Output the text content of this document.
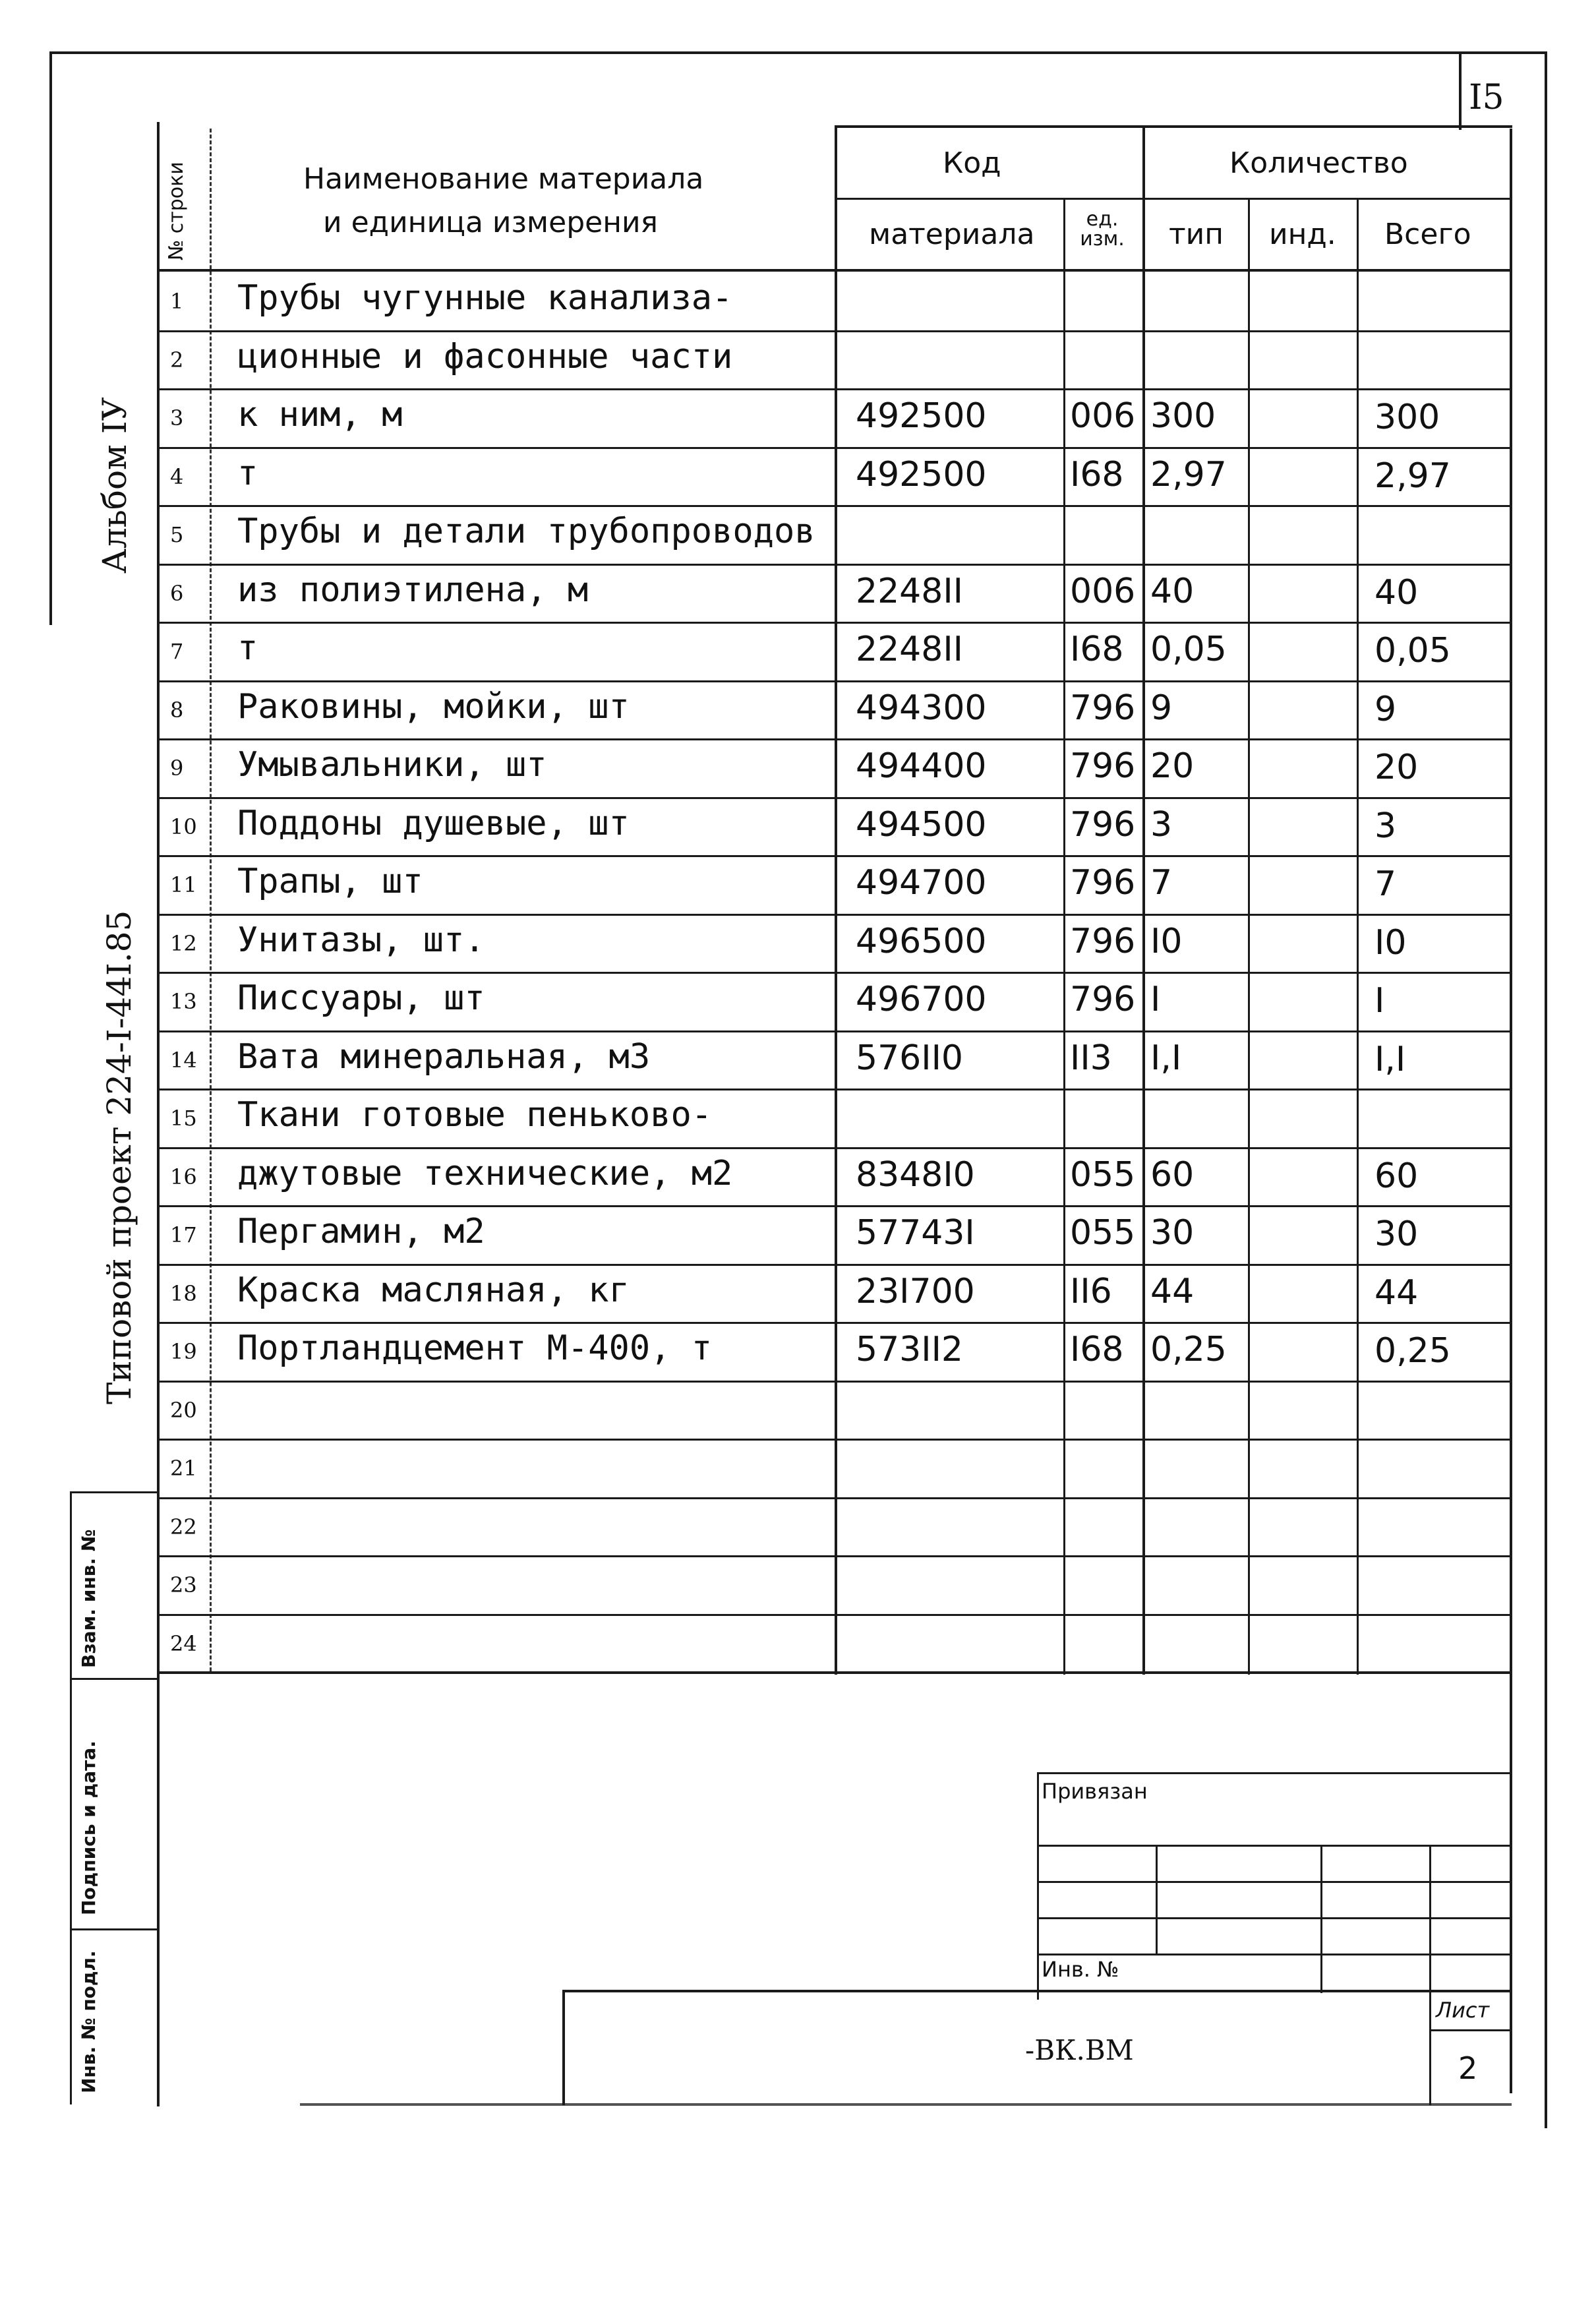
I5
Альбом IУ
Типовой проект 224-I-44I.85
Взам. инв. №
Подпись и дата.
Инв. № подл.
№ строки	Наименование материала
и единица измерения
Код
материала	ед. изм.
Количество
тип инд. Всего
1 Трубы чугунные канализа-
2 ционные и фасонные части
3 к ним, м	492500 006 300	300
4 т	492500 I68 2,97	2,97
5 Трубы и детали трубопроводов
6 из полиэтилена, м	2248II	006 40	40
7 т	2248II	I68 0,05	0,05
8 Раковины, мойки, шт	494300 796 9	9
9 Умывальники, шт	494400 796 20	20
10 Поддоны душевые, шт	494500 796 3	3
11 Трапы, шт	494700 796 7	7
12 Унитазы, шт.	496500 796 I0	I0
13 Писсуары, шт	496700 796 I	I
14 Вата минеральная, м3	576II0	II3 I,I	I,I
15 Ткани готовые пеньково-
16 джутовые технические, м2	8348I0	055 60	60
17 Пергамин, м2	57743I	055 30	30
18 Краска масляная, кг	23I700	II6 44	44
19 Портландцемент М-400, т	573II2	I68 0,25	0,25
20
21
22
23
24
Привязан
Инв. №
Лист
2
-ВК.ВМ
